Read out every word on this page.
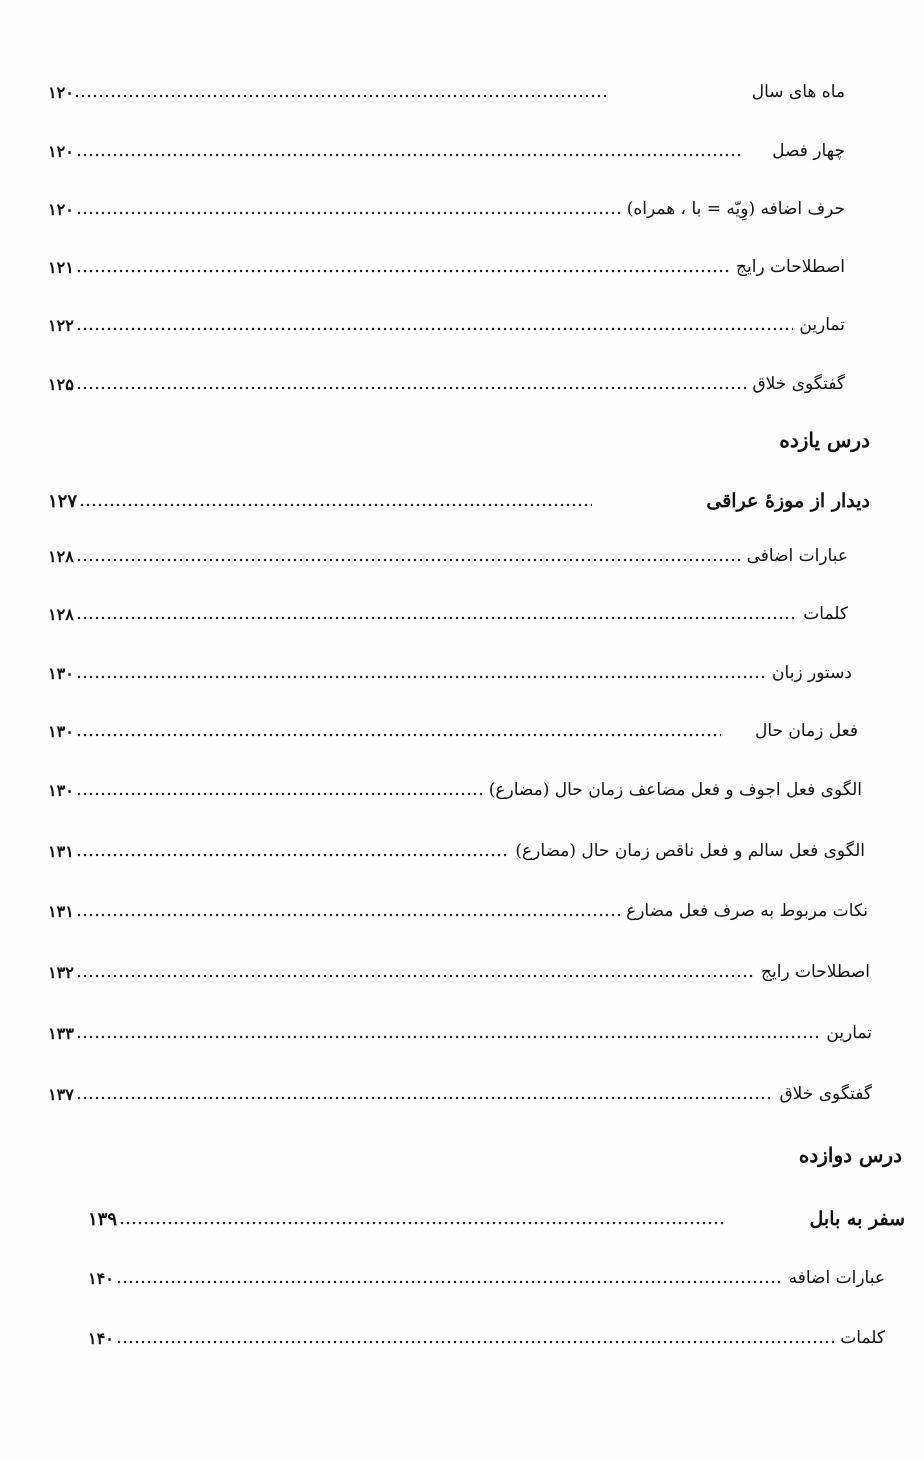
ماه های سال
۱۲۰
چهار فصل
۱۲۰
حرف اضافه (وِیّه = با ، همراه)
۱۲۰
اصطلاحات رایج
۱۲۱
تمارین
۱۲۲
گفتگوی خلاق
۱۲۵
درس یازده
دیدار از موزهٔ عراقی
۱۲۷
عبارات اضافی
۱۲۸
کلمات
۱۲۸
دستور زبان
۱۳۰
فعل زمان حال
۱۳۰
الگوی فعل اجوف و فعل مضاعف زمان حال (مضارع)
۱۳۰
الگوی فعل سالم و فعل ناقص زمان حال (مضارع)
۱۳۱
نکات مربوط به صرف فعل مضارع
۱۳۱
اصطلاحات رایج
۱۳۲
تمارین
۱۳۳
گفتگوی خلاق
۱۳۷
درس دوازده
سفر به بابل
۱۳۹
عبارات اضافه
۱۴۰
کلمات
۱۴۰
